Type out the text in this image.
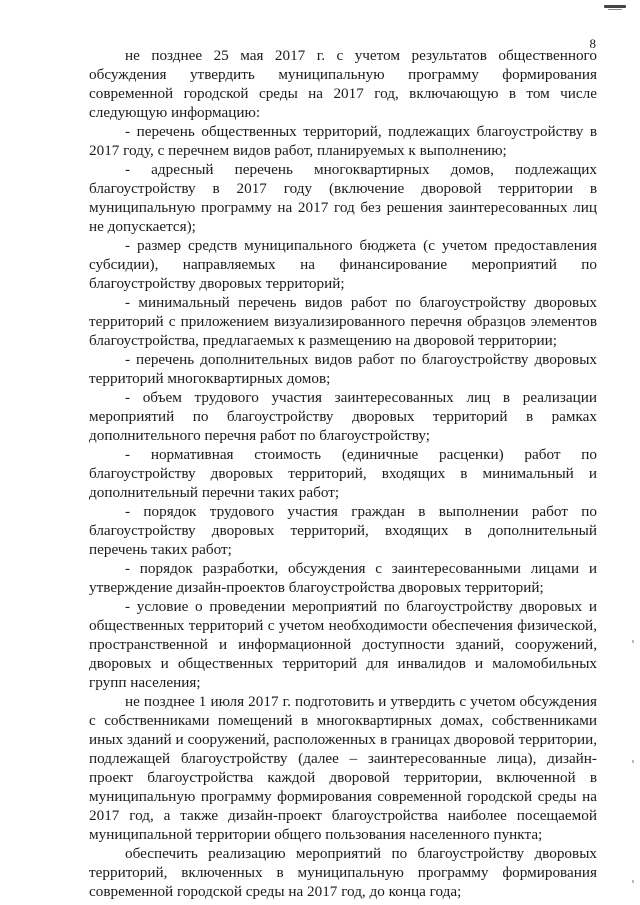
8

не позднее 25 мая 2017 г. с учетом результатов общественного обсуждения утвердить муниципальную программу формирования современной городской среды на 2017 год, включающую в том числе следующую информацию:

- перечень общественных территорий, подлежащих благоустройству в 2017 году, с перечнем видов работ, планируемых к выполнению;

- адресный перечень многоквартирных домов, подлежащих благоустройству в 2017 году (включение дворовой территории в муниципальную программу на 2017 год без решения заинтересованных лиц не допускается);

- размер средств муниципального бюджета (с учетом предоставления субсидии), направляемых на финансирование мероприятий по благоустройству дворовых территорий;

- минимальный перечень видов работ по благоустройству дворовых территорий с приложением визуализированного перечня образцов элементов благоустройства, предлагаемых к размещению на дворовой территории;

- перечень дополнительных видов работ по благоустройству дворовых территорий многоквартирных домов;

- объем трудового участия заинтересованных лиц в реализации мероприятий по благоустройству дворовых территорий в рамках дополнительного перечня работ по благоустройству;

- нормативная стоимость (единичные расценки) работ по благоустройству дворовых территорий, входящих в минимальный и дополнительный перечни таких работ;

- порядок трудового участия граждан в выполнении работ по благоустройству дворовых территорий, входящих в дополнительный перечень таких работ;

- порядок разработки, обсуждения с заинтересованными лицами и утверждение дизайн-проектов благоустройства дворовых территорий;

- условие о проведении мероприятий по благоустройству дворовых и общественных территорий с учетом необходимости обеспечения физической, пространственной и информационной доступности зданий, сооружений, дворовых и общественных территорий для инвалидов и маломобильных групп населения;

не позднее 1 июля 2017 г. подготовить и утвердить с учетом обсуждения с собственниками помещений в многоквартирных домах, собственниками иных зданий и сооружений, расположенных в границах дворовой территории, подлежащей благоустройству (далее – заинтересованные лица), дизайн-проект благоустройства каждой дворовой территории, включенной в муниципальную программу формирования современной городской среды на 2017 год, а также дизайн-проект благоустройства наиболее посещаемой муниципальной территории общего пользования населенного пункта;

обеспечить реализацию мероприятий по благоустройству дворовых территорий, включенных в муниципальную программу формирования современной городской среды на 2017 год, до конца года;
